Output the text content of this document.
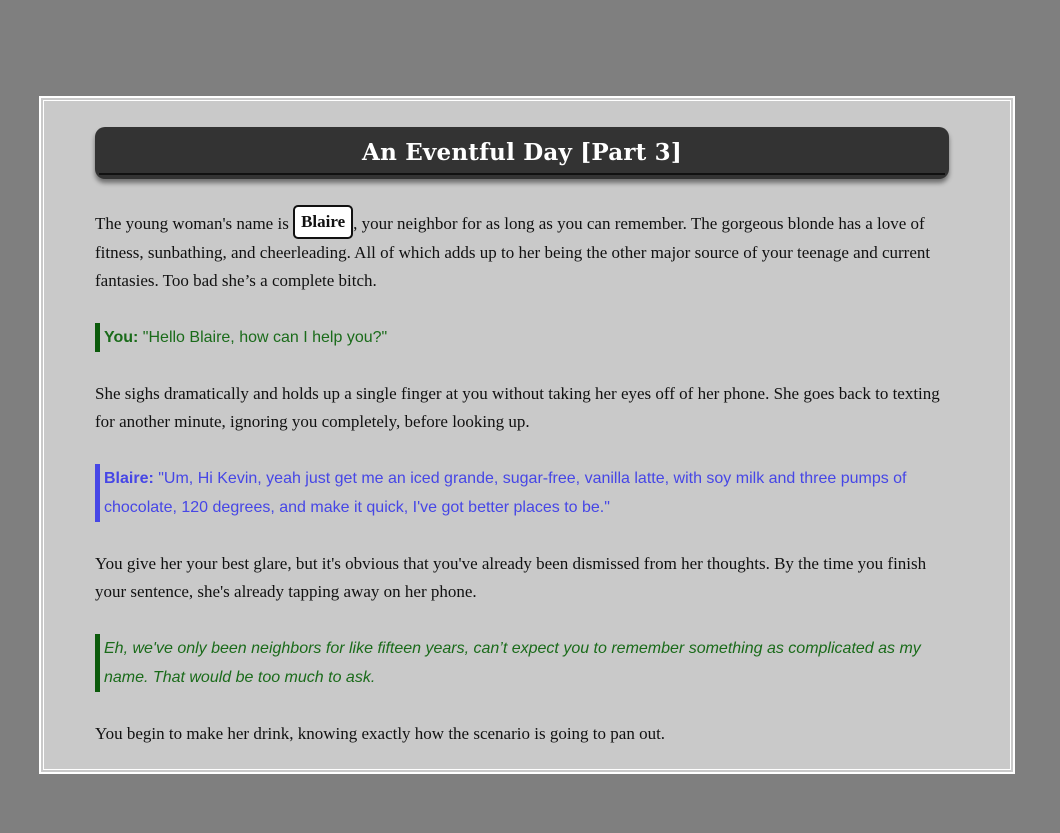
An Eventful Day [Part 3]

The young woman's name is Blaire , your neighbor for as long as you can remember. The gorgeous blonde has a love of fitness, sunbathing, and cheerleading. All of which adds up to her being the other major source of your teenage and current fantasies. Too bad she’s a complete bitch.

You: "Hello Blaire, how can I help you?"

She sighs dramatically and holds up a single finger at you without taking her eyes off of her phone. She goes back to texting for another minute, ignoring you completely, before looking up.

Blaire: "Um, Hi Kevin, yeah just get me an iced grande, sugar-free, vanilla latte, with soy milk and three pumps of chocolate, 120 degrees, and make it quick, I've got better places to be."

You give her your best glare, but it's obvious that you've already been dismissed from her thoughts. By the time you finish your sentence, she's already tapping away on her phone.

Eh, we've only been neighbors for like fifteen years, can’t expect you to remember something as complicated as my name. That would be too much to ask.

You begin to make her drink, knowing exactly how the scenario is going to pan out.
